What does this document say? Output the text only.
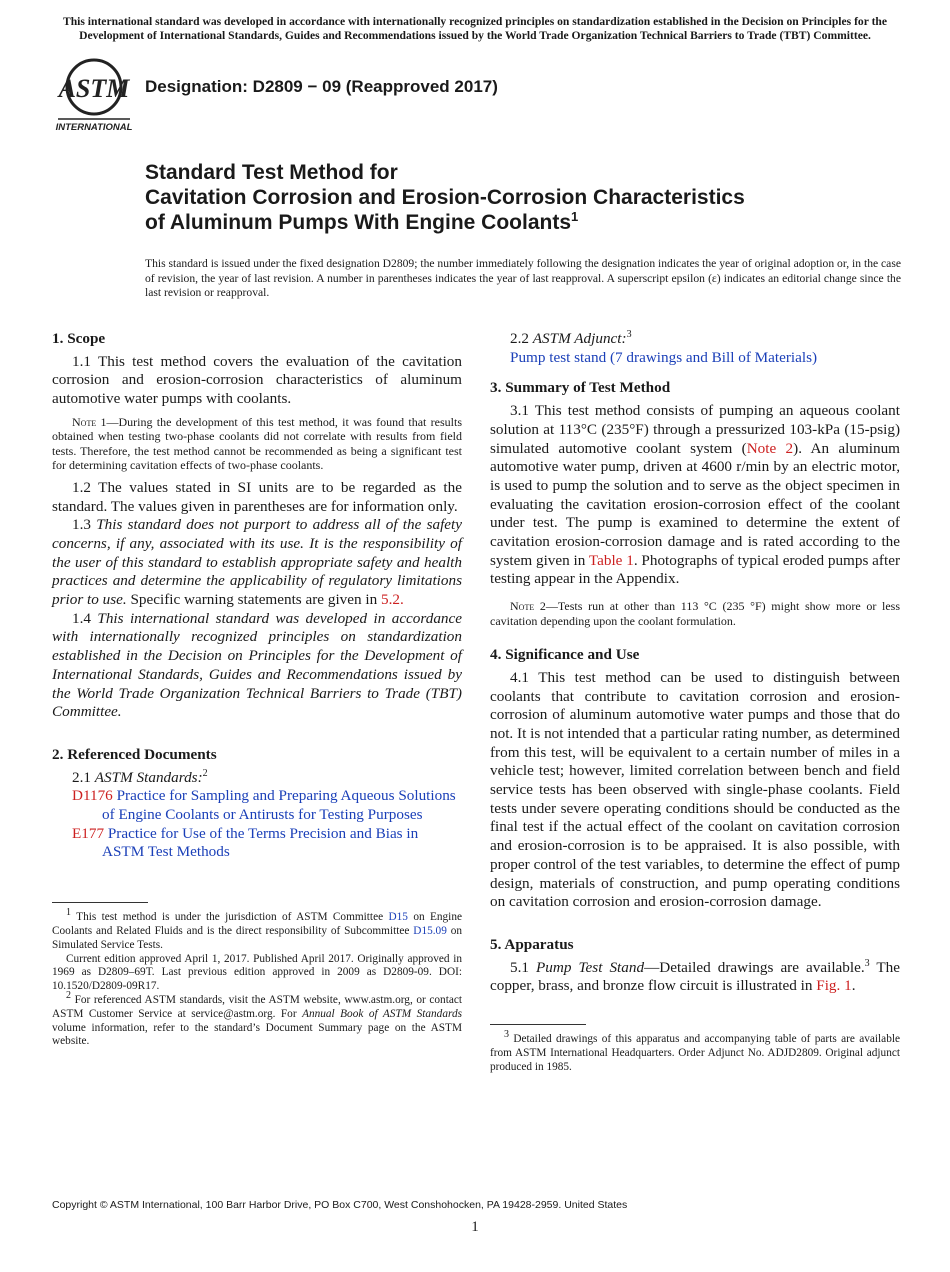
This international standard was developed in accordance with internationally recognized principles on standardization established in the Decision on Principles for the Development of International Standards, Guides and Recommendations issued by the World Trade Organization Technical Barriers to Trade (TBT) Committee.
ASTM
INTERNATIONAL
Designation: D2809 − 09 (Reapproved 2017)
Standard Test Method for
Cavitation Corrosion and Erosion-Corrosion Characteristics
of Aluminum Pumps With Engine Coolants$^1$
This standard is issued under the fixed designation D2809; the number immediately following the designation indicates the year of original adoption or, in the case of revision, the year of last revision. A number in parentheses indicates the year of last reapproval. A superscript epsilon (ε) indicates an editorial change since the last revision or reapproval.
1. Scope

1.1 This test method covers the evaluation of the cavitation corrosion and erosion-corrosion characteristics of aluminum automotive water pumps with coolants.

Note 1—During the development of this test method, it was found that results obtained when testing two-phase coolants did not correlate with results from field tests. Therefore, the test method cannot be recommended as being a significant test for determining cavitation effects of two-phase coolants.

1.2 The values stated in SI units are to be regarded as the standard. The values given in parentheses are for information only.

1.3 This standard does not purport to address all of the safety concerns, if any, associated with its use. It is the responsibility of the user of this standard to establish appropriate safety and health practices and determine the applicability of regulatory limitations prior to use. Specific warning statements are given in 5.2.

1.4 This international standard was developed in accordance with internationally recognized principles on standardization established in the Decision on Principles for the Development of International Standards, Guides and Recommendations issued by the World Trade Organization Technical Barriers to Trade (TBT) Committee.

2. Referenced Documents

2.1 ASTM Standards:$^2$

D1176 Practice for Sampling and Preparing Aqueous Solutions of Engine Coolants or Antirusts for Testing Purposes

E177 Practice for Use of the Terms Precision and Bias in ASTM Test Methods

$^1$ This test method is under the jurisdiction of ASTM Committee D15 on Engine Coolants and Related Fluids and is the direct responsibility of Subcommittee D15.09 on Simulated Service Tests.

Current edition approved April 1, 2017. Published April 2017. Originally approved in 1969 as D2809–69T. Last previous edition approved in 2009 as D2809-09. DOI: 10.1520/D2809-09R17.

$^2$ For referenced ASTM standards, visit the ASTM website, www.astm.org, or contact ASTM Customer Service at service@astm.org. For Annual Book of ASTM Standards volume information, refer to the standard’s Document Summary page on the ASTM website.

2.2 ASTM Adjunct:$^3$

Pump test stand (7 drawings and Bill of Materials)

3. Summary of Test Method

3.1 This test method consists of pumping an aqueous coolant solution at 113°C (235°F) through a pressurized 103-kPa (15-psig) simulated automotive coolant system (Note 2). An aluminum automotive water pump, driven at 4600 r/min by an electric motor, is used to pump the solution and to serve as the object specimen in evaluating the cavitation erosion-corrosion effect of the coolant under test. The pump is examined to determine the extent of cavitation erosion-corrosion damage and is rated according to the system given in Table 1. Photographs of typical eroded pumps after testing appear in the Appendix.

Note 2—Tests run at other than 113 °C (235 °F) might show more or less cavitation depending upon the coolant formulation.

4. Significance and Use

4.1 This test method can be used to distinguish between coolants that contribute to cavitation corrosion and erosion-corrosion of aluminum automotive water pumps and those that do not. It is not intended that a particular rating number, as determined from this test, will be equivalent to a certain number of miles in a vehicle test; however, limited correlation between bench and field service tests has been observed with single-phase coolants. Field tests under severe operating conditions should be conducted as the final test if the actual effect of the coolant on cavitation corrosion and erosion-corrosion is to be appraised. It is also possible, with proper control of the test variables, to determine the effect of pump design, materials of construction, and pump operating conditions on cavitation corrosion and erosion-corrosion damage.

5. Apparatus

5.1 Pump Test Stand—Detailed drawings are available.$^3$ The copper, brass, and bronze flow circuit is illustrated in Fig. 1.

$^3$ Detailed drawings of this apparatus and accompanying table of parts are available from ASTM International Headquarters. Order Adjunct No. ADJD2809. Original adjunct produced in 1985.

Copyright © ASTM International, 100 Barr Harbor Drive, PO Box C700, West Conshohocken, PA 19428-2959. United States
1
